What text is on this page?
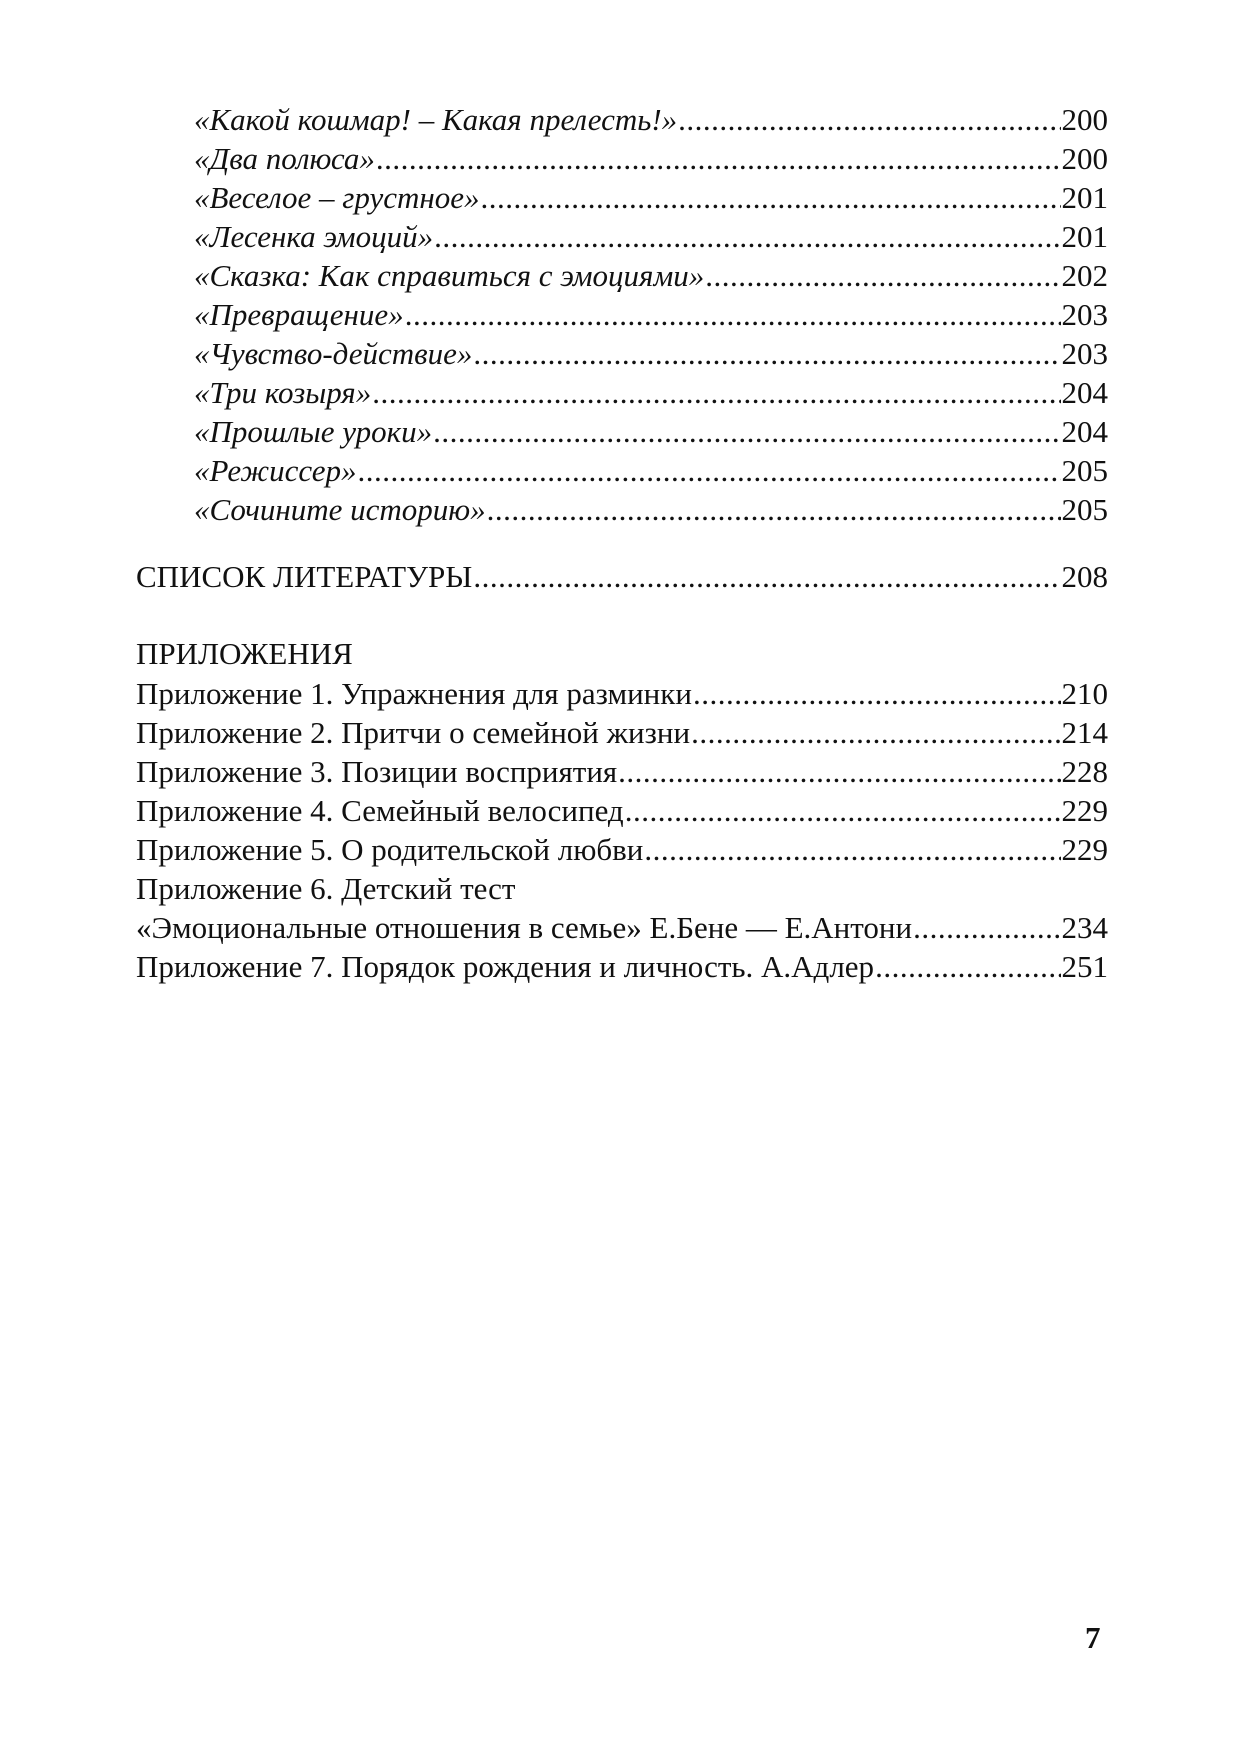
«Какой кошмар! – Какая прелесть!» .....	200
«Два полюса» .....	200
«Веселое – грустное» .....	201
«Лесенка эмоций» .....	201
«Сказка: Как справиться с эмоциями» .....	202
«Превращение» .....	203
«Чувство-действие» .....	203
«Три козыря» .....	204
«Прошлые уроки» .....	204
«Режиссер» .....	205
«Сочините историю» .....	205
СПИСОК ЛИТЕРАТУРЫ .....	208
ПРИЛОЖЕНИЯ
Приложение 1. Упражнения для разминки .....	210
Приложение 2. Притчи о семейной жизни .....	214
Приложение 3. Позиции восприятия .....	228
Приложение 4. Семейный велосипед .....	229
Приложение 5. О родительской любви .....	229
Приложение 6. Детский тест
«Эмоциональные отношения в семье» Е.Бене — Е.Антони .....	234
Приложение 7. Порядок рождения и личность. А.Адлер .....	251
7
